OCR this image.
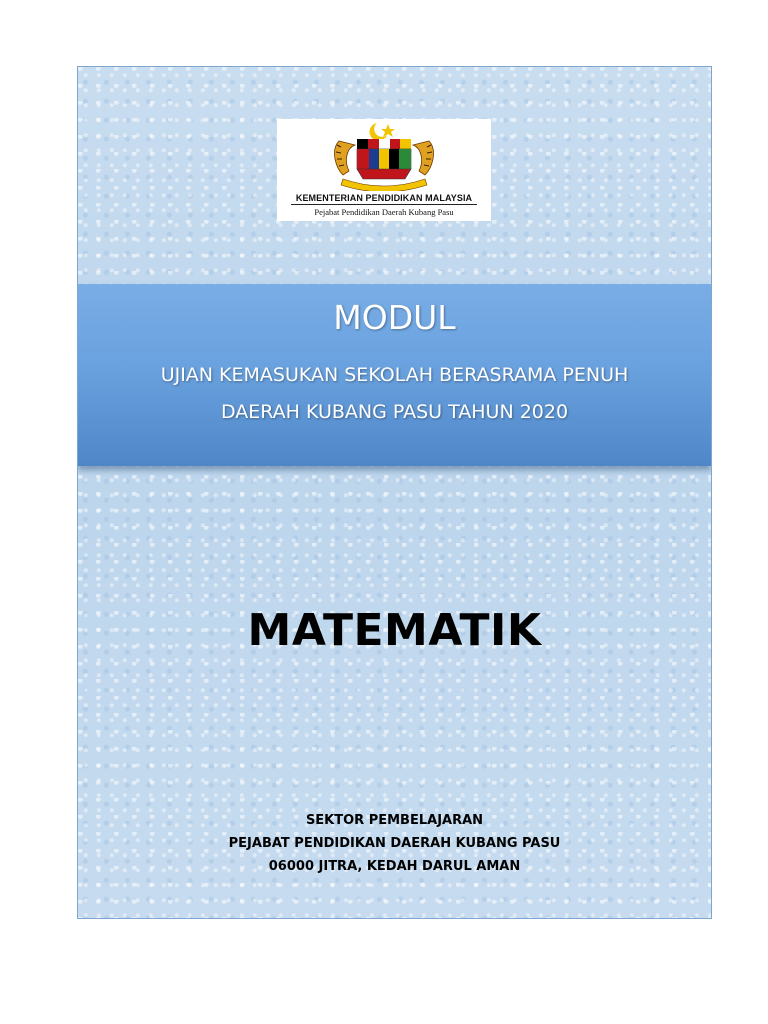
KEMENTERIAN PENDIDIKAN MALAYSIA
Pejabat Pendidikan Daerah Kubang Pasu
MODUL
UJIAN KEMASUKAN SEKOLAH BERASRAMA PENUH
DAERAH KUBANG PASU TAHUN 2020
MATEMATIK
SEKTOR PEMBELAJARAN
PEJABAT PENDIDIKAN DAERAH KUBANG PASU
06000 JITRA, KEDAH DARUL AMAN
